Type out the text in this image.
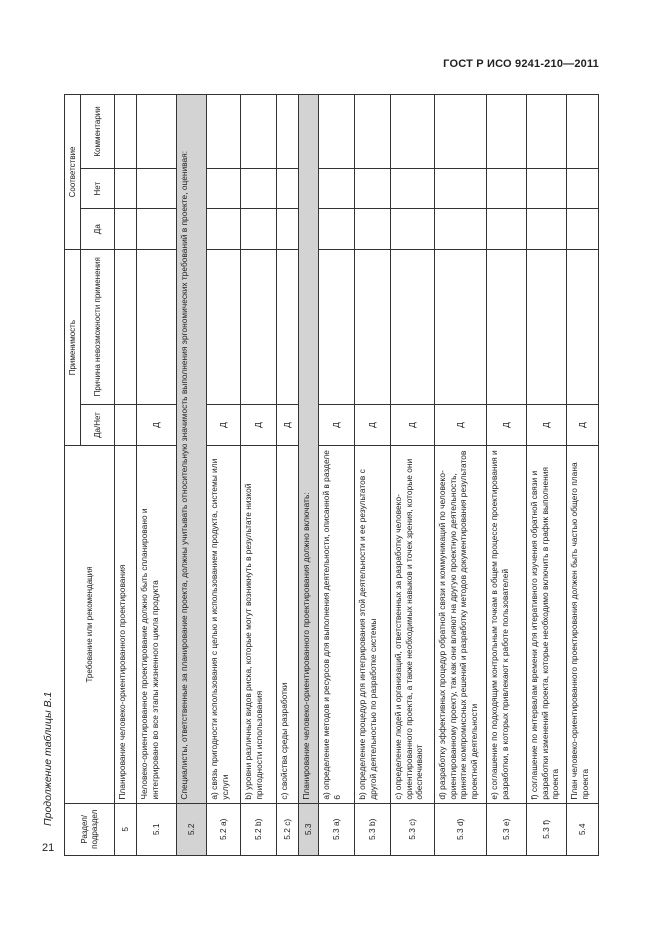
ГОСТ Р ИСО 9241-210—2011
Продолжение таблицы В.1
Раздел/ подраздел	Требование или рекомендация	Применимость		Соответствие		
		Да/Нет	Причина невозможности применения	Да	Нет	Комментарии
5	Планирование человеко-ориентированного проектирования					
5.1	Человеко-ориентированное проектирование должно быть спланировано и интегрировано во все этапы жизненного цикла продукта	Д				
5.2	Специалисты, ответственные за планирование проекта, должны учитывать относительную значимость выполнения эргономических требований в проекте, оценивая:					
5.2 a)	a) связь пригодности использования с целью и использованием продукта, системы или услуги	Д				
5.2 b)	b) уровни различных видов риска, которые могут возникнуть в результате низкой пригодности использования	Д				
5.2 c)	c) свойства среды разработки	Д				
5.3	Планирование человеко-ориентированного проектирования должно включать:					
5.3 a)	a) определение методов и ресурсов для выполнения деятельности, описанной в разделе 6	Д				
5.3 b)	b) определение процедур для интегрирования этой деятельности и ее результатов с другой деятельностью по разработке системы	Д				
5.3 c)	c) определение людей и организаций, ответственных за разработку человеко-ориентированного проекта, а также необходимых навыков и точек зрения, которые они обеспечивают	Д				
5.3 d)	d) разработку эффективных процедур обратной связи и коммуникаций по человеко-ориентированному проекту, так как они влияют на другую проектную деятельность, принятие компромиссных решений и разработку методов документирования результатов проектной деятельности	Д				
5.3 e)	e) соглашение по подходящим контрольным точкам в общем процессе проектирования и разработки, в которых привлекают к работе пользователей	Д				
5.3 f)	f) соглашение по интервалам времени для итеративного изучения обратной связи и разработки изменений проекта, которые необходимо включить в график выполнения проекта	Д				
5.4	План человеко-ориентированного проектирования должен быть частью общего плана проекта	Д				
21
